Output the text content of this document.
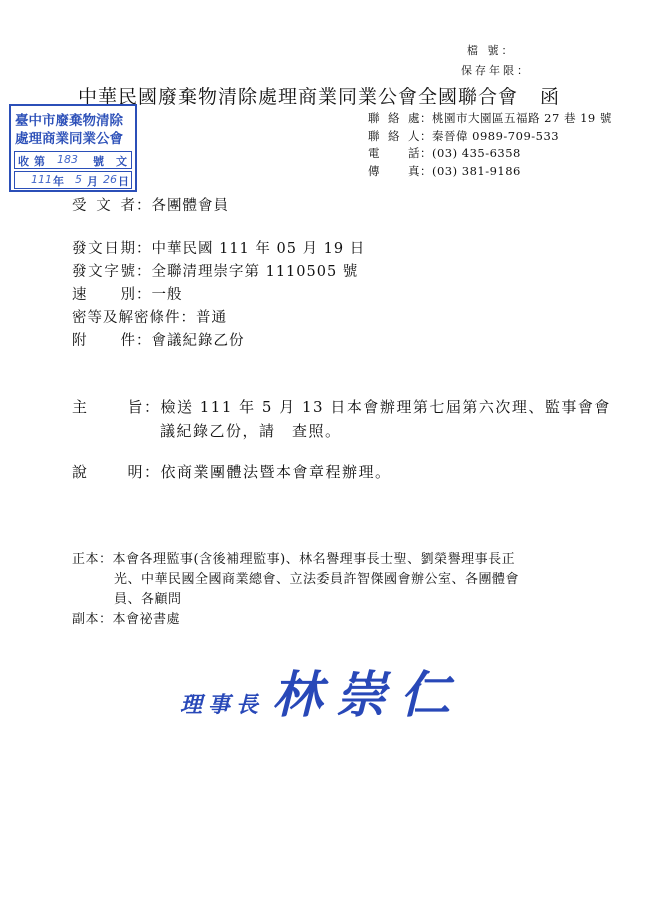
檔 號：
保存年限：
中華民國廢棄物清除處理商業同業公會全國聯合會 函
聯絡處：桃園市大園區五福路 27 巷 19 號
聯絡人：秦晉偉 0989-709-533
電話：(03) 435-6358
傳真：(03) 381-9186
臺中市廢棄物清除
處理商業同業公會
收 第 183 號 文
111 年 5 月 26 日
受文者：各團體會員
發文日期：中華民國 111 年 05 月 19 日
發文字號：全聯清理崇字第 1110505 號
速別：一般
密等及解密條件：普通
附件：會議紀錄乙份
主旨：檢送 111 年 5 月 13 日本會辦理第七屆第六次理、監事會會
議紀錄乙份，請　查照。
說明：依商業團體法暨本會章程辦理。
正本：本會各理監事(含後補理監事)、林名譽理事長士聖、劉榮譽理事長正
光、中華民國全國商業總會、立法委員許智傑國會辦公室、各團體會
員、各顧問
副本：本會祕書處
理事長 林崇仁
